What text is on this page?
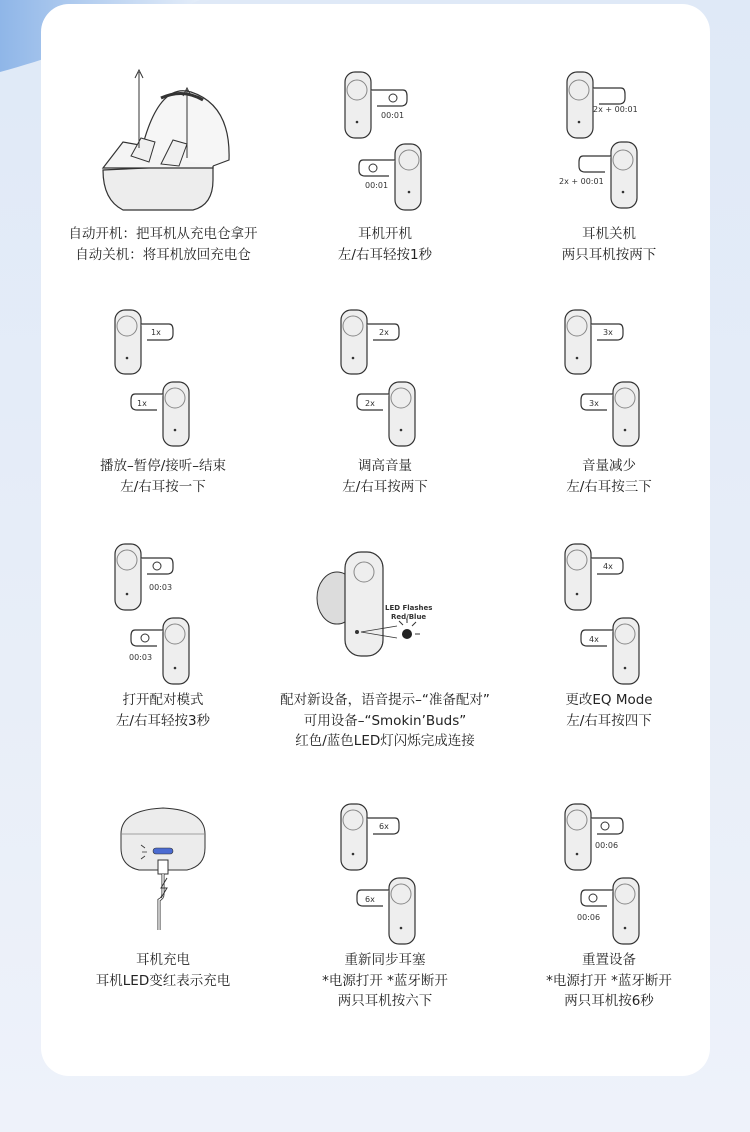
自动开机：把耳机从充电仓拿开
自动关机：将耳机放回充电仓
00:01
00:01
耳机开机
左/右耳轻按1秒
2x + 00:01
2x + 00:01
耳机关机
两只耳机按两下
1x
1x
播放–暂停/接听–结束
左/右耳按一下
2x
2x
调高音量
左/右耳按两下
3x
3x
音量减少
左/右耳按三下
00:03
00:03
打开配对模式
左/右耳轻按3秒
LED Flashes
Red/Blue
配对新设备，语音提示–“准备配对”
可用设备–“Smokin’Buds”
红色/蓝色LED灯闪烁完成连接
4x
4x
更改EQ Mode
左/右耳按四下
耳机充电
耳机LED变红表示充电
6x
6x
重新同步耳塞
*电源打开 *蓝牙断开
两只耳机按六下
00:06
00:06
重置设备
*电源打开 *蓝牙断开
两只耳机按6秒
